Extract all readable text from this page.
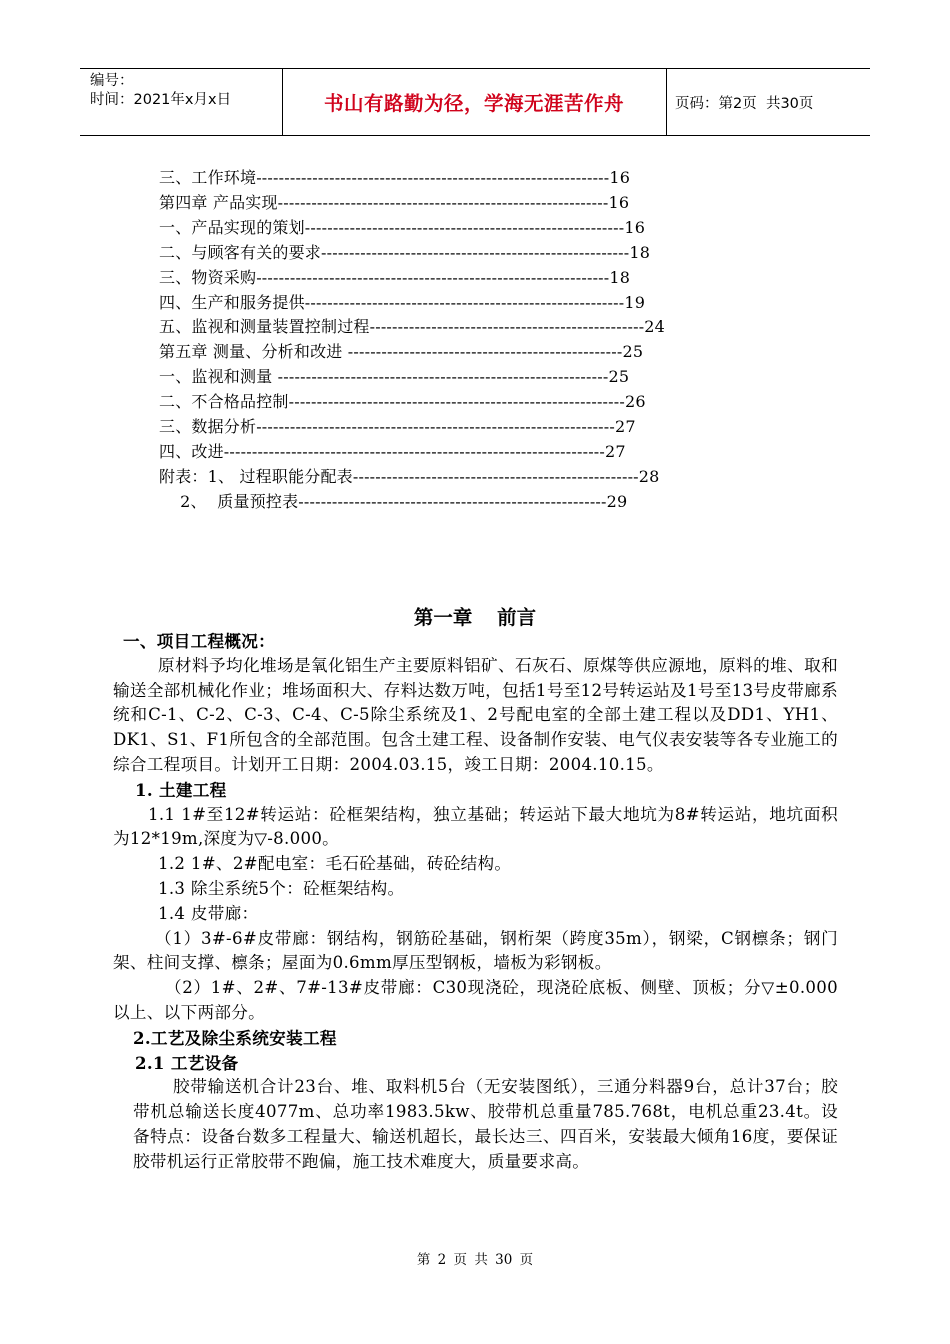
编号：
时间：2021年x月x日	书山有路勤为径，学海无涯苦作舟	页码：第2页  共30页
三、工作环境---------------------------------------------------------------16
第四章 产品实现-----------------------------------------------------------16
一、产品实现的策划---------------------------------------------------------16
二、与顾客有关的要求-------------------------------------------------------18
三、物资采购---------------------------------------------------------------18
四、生产和服务提供---------------------------------------------------------19
五、监视和测量装置控制过程-------------------------------------------------24
第五章 测量、分析和改进 -------------------------------------------------25
一、监视和测量 -----------------------------------------------------------25
二、不合格品控制------------------------------------------------------------26
三、数据分析----------------------------------------------------------------27
四、改进--------------------------------------------------------------------27
附表：1、 过程职能分配表---------------------------------------------------28
2、  质量预控表-------------------------------------------------------29
第一章 前言

一、项目工程概况：

原材料予均化堆场是氧化铝生产主要原料铝矿、石灰石、原煤等供应源地，原料的堆、取和输送全部机械化作业；堆场面积大、存料达数万吨，包括1号至12号转运站及1号至13号皮带廊系统和C-1、C-2、C-3、C-4、C-5除尘系统及1、2号配电室的全部土建工程以及DD1、YH1、DK1、S1、F1所包含的全部范围。包含土建工程、设备制作安装、电气仪表安装等各专业施工的综合工程项目。计划开工日期：2004.03.15，竣工日期：2004.10.15。

1. 土建工程

1.1 1#至12#转运站：砼框架结构，独立基础；转运站下最大地坑为8#转运站，地坑面积为12*19m,深度为▽-8.000。

1.2 1#、2#配电室：毛石砼基础，砖砼结构。

1.3 除尘系统5个：砼框架结构。

1.4 皮带廊：

（1）3#-6#皮带廊：钢结构，钢筋砼基础，钢桁架（跨度35m），钢梁，C钢檩条；钢门架、柱间支撑、檩条；屋面为0.6mm厚压型钢板，墙板为彩钢板。

（2）1#、2#、7#-13#皮带廊：C30现浇砼，现浇砼底板、侧壁、顶板；分▽±0.000以上、以下两部分。

2.工艺及除尘系统安装工程

2.1 工艺设备

胶带输送机合计23台、堆、取料机5台（无安装图纸），三通分料器9台，总计37台；胶带机总输送长度4077m、总功率1983.5kw、胶带机总重量785.768t，电机总重23.4t。设备特点：设备台数多工程量大、输送机超长，最长达三、四百米，安装最大倾角16度，要保证胶带机运行正常胶带不跑偏，施工技术难度大，质量要求高。

第 2 页 共 30 页
